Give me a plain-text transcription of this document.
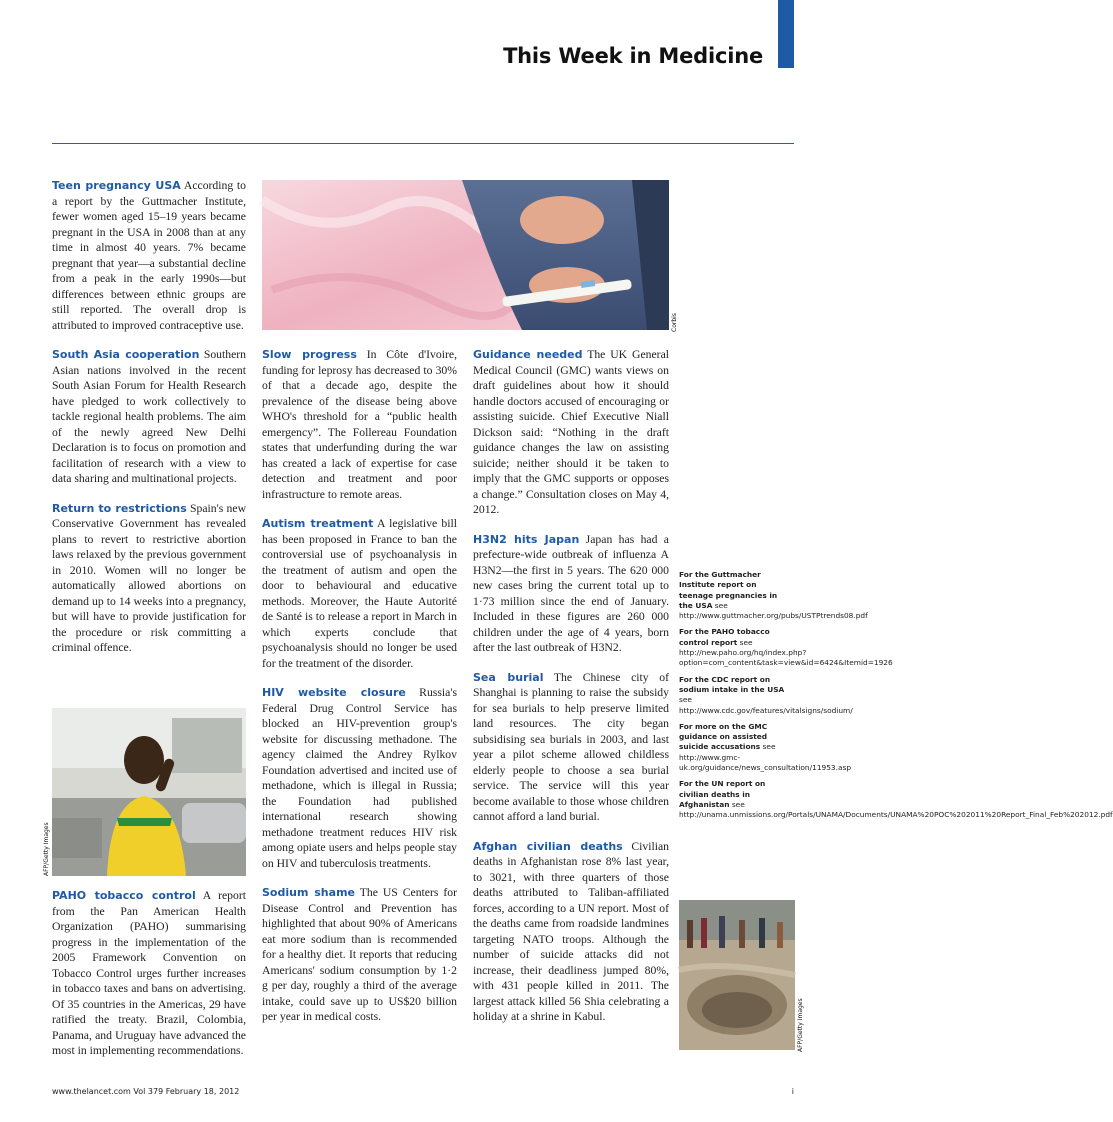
This Week in Medicine

Teen pregnancy USA According to a report by the Guttmacher Institute, fewer women aged 15–19 years became pregnant in the USA in 2008 than at any time in almost 40 years. 7% became pregnant that year—a substantial decline from a peak in the early 1990s—but differences between ethnic groups are still reported. The overall drop is attributed to improved contraceptive use.

South Asia cooperation Southern Asian nations involved in the recent South Asian Forum for Health Research have pledged to work collectively to tackle regional health problems. The aim of the newly agreed New Delhi Declaration is to focus on promotion and facilitation of research with a view to data sharing and multinational projects.

Return to restrictions Spain's new Conservative Government has revealed plans to revert to restrictive abortion laws relaxed by the previous government in 2010. Women will no longer be automatically allowed abortions on demand up to 14 weeks into a pregnancy, but will have to provide justification for the procedure or risk committing a criminal offence.

PAHO tobacco control A report from the Pan American Health Organization (PAHO) summarising progress in the implementation of the 2005 Framework Convention on Tobacco Control urges further increases in tobacco taxes and bans on advertising. Of 35 countries in the Americas, 29 have ratified the treaty. Brazil, Colombia, Panama, and Uruguay have advanced the most in implementing recommendations.

Corbis
AFP/Getty Images

Slow progress In Côte d'Ivoire, funding for leprosy has decreased to 30% of that a decade ago, despite the prevalence of the disease being above WHO's threshold for a “public health emergency”. The Follereau Foundation states that underfunding during the war has created a lack of expertise for case detection and treatment and poor infrastructure to remote areas.

Autism treatment A legislative bill has been proposed in France to ban the controversial use of psychoanalysis in the treatment of autism and open the door to behavioural and educative methods. Moreover, the Haute Autorité de Santé is to release a report in March in which experts conclude that psychoanalysis should no longer be used for the treatment of the disorder.

HIV website closure Russia's Federal Drug Control Service has blocked an HIV-prevention group's website for discussing methadone. The agency claimed the Andrey Rylkov Foundation advertised and incited use of methadone, which is illegal in Russia; the Foundation had published international research showing methadone treatment reduces HIV risk among opiate users and helps people stay on HIV and tuberculosis treatments.

Sodium shame The US Centers for Disease Control and Prevention has highlighted that about 90% of Americans eat more sodium than is recommended for a healthy diet. It reports that reducing Americans' sodium consumption by 1·2 g per day, roughly a third of the average intake, could save up to US$20 billion per year in medical costs.

Guidance needed The UK General Medical Council (GMC) wants views on draft guidelines about how it should handle doctors accused of encouraging or assisting suicide. Chief Executive Niall Dickson said: “Nothing in the draft guidance changes the law on assisting suicide; neither should it be taken to imply that the GMC supports or opposes a change.” Consultation closes on May 4, 2012.

H3N2 hits Japan Japan has had a prefecture-wide outbreak of influenza A H3N2—the first in 5 years. The 620 000 new cases bring the current total up to 1·73 million since the end of January. Included in these figures are 260 000 children under the age of 4 years, born after the last outbreak of H3N2.

Sea burial The Chinese city of Shanghai is planning to raise the subsidy for sea burials to help preserve limited land resources. The city began subsidising sea burials in 2003, and last year a pilot scheme allowed childless elderly people to choose a sea burial service. The service will this year become available to those whose children cannot afford a land burial.

Afghan civilian deaths Civilian deaths in Afghanistan rose 8% last year, to 3021, with three quarters of those deaths attributed to Taliban-affiliated forces, according to a UN report. Most of the deaths came from roadside landmines targeting NATO troops. Although the number of suicide attacks did not increase, their deadliness jumped 80%, with 431 people killed in 2011. The largest attack killed 56 Shia celebrating a holiday at a shrine in Kabul.

For the Guttmacher Institute report on teenage pregnancies in the USA see http://www.guttmacher.org/pubs/USTPtrends08.pdf

For the PAHO tobacco control report see http://new.paho.org/hq/index.php?option=com_content&task=view&id=6424&Itemid=1926

For the CDC report on sodium intake in the USA see http://www.cdc.gov/features/vitalsigns/sodium/

For more on the GMC guidance on assisted suicide accusations see http://www.gmc-uk.org/guidance/news_consultation/11953.asp

For the UN report on civilian deaths in Afghanistan see http://unama.unmissions.org/Portals/UNAMA/Documents/UNAMA%20POC%202011%20Report_Final_Feb%202012.pdf

AFP/Getty Images
www.thelancet.com Vol 379 February 18, 2012	i
